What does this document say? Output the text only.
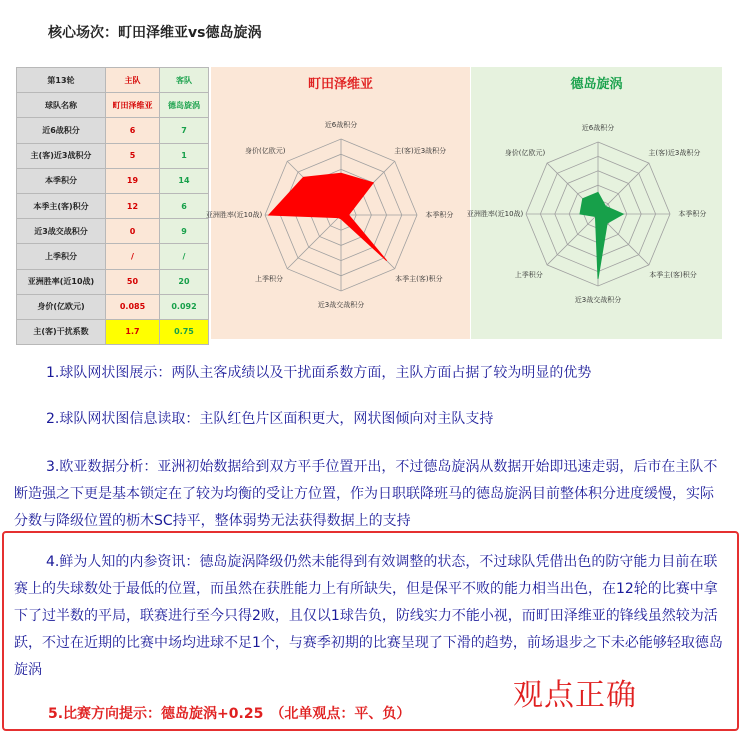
核心场次：町田泽维亚vs德岛旋涡
第13轮	主队	客队
球队名称	町田泽维亚	德岛旋涡
近6战积分	6	7
主(客)近3战积分	5	1
本季积分	19	14
本季主(客)积分	12	6
近3战交战积分	0	9
上季积分	/	/
亚洲胜率(近10战)	50	20
身价(亿欧元)	0.085	0.092
主(客)干扰系数	1.7	0.75
町田泽维亚
近6战积分
主(客)近3战积分
本季积分
本季主(客)积分
近3战交战积分
上季积分
亚洲胜率(近10战)
身价(亿欧元)
德岛旋涡
近6战积分
主(客)近3战积分
本季积分
本季主(客)积分
近3战交战积分
上季积分
亚洲胜率(近10战)
身价(亿欧元)
1.球队网状图展示：两队主客成绩以及干扰面系数方面，主队方面占据了较为明显的优势
2.球队网状图信息读取：主队红色片区面积更大，网状图倾向对主队支持
3.欧亚数据分析：亚洲初始数据给到双方平手位置开出，不过德岛旋涡从数据开始即迅速走弱，后市在主队不断造强之下更是基本锁定在了较为均衡的受让方位置，作为日职联降班马的德岛旋涡目前整体积分进度缓慢，实际分数与降级位置的枥木SC持平，整体弱势无法获得数据上的支持
4.鲜为人知的内参资讯：德岛旋涡降级仍然未能得到有效调整的状态，不过球队凭借出色的防守能力目前在联赛上的失球数处于最低的位置，而虽然在获胜能力上有所缺失，但是保平不败的能力相当出色，在12轮的比赛中拿下了过半数的平局，联赛进行至今只得2败，且仅以1球告负，防线实力不能小视，而町田泽维亚的锋线虽然较为活跃，不过在近期的比赛中场均进球不足1个，与赛季初期的比赛呈现了下滑的趋势，前场退步之下未必能够轻取德岛旋涡
5.比赛方向提示：德岛旋涡+0.25　（北单观点：平、负）
观点正确
